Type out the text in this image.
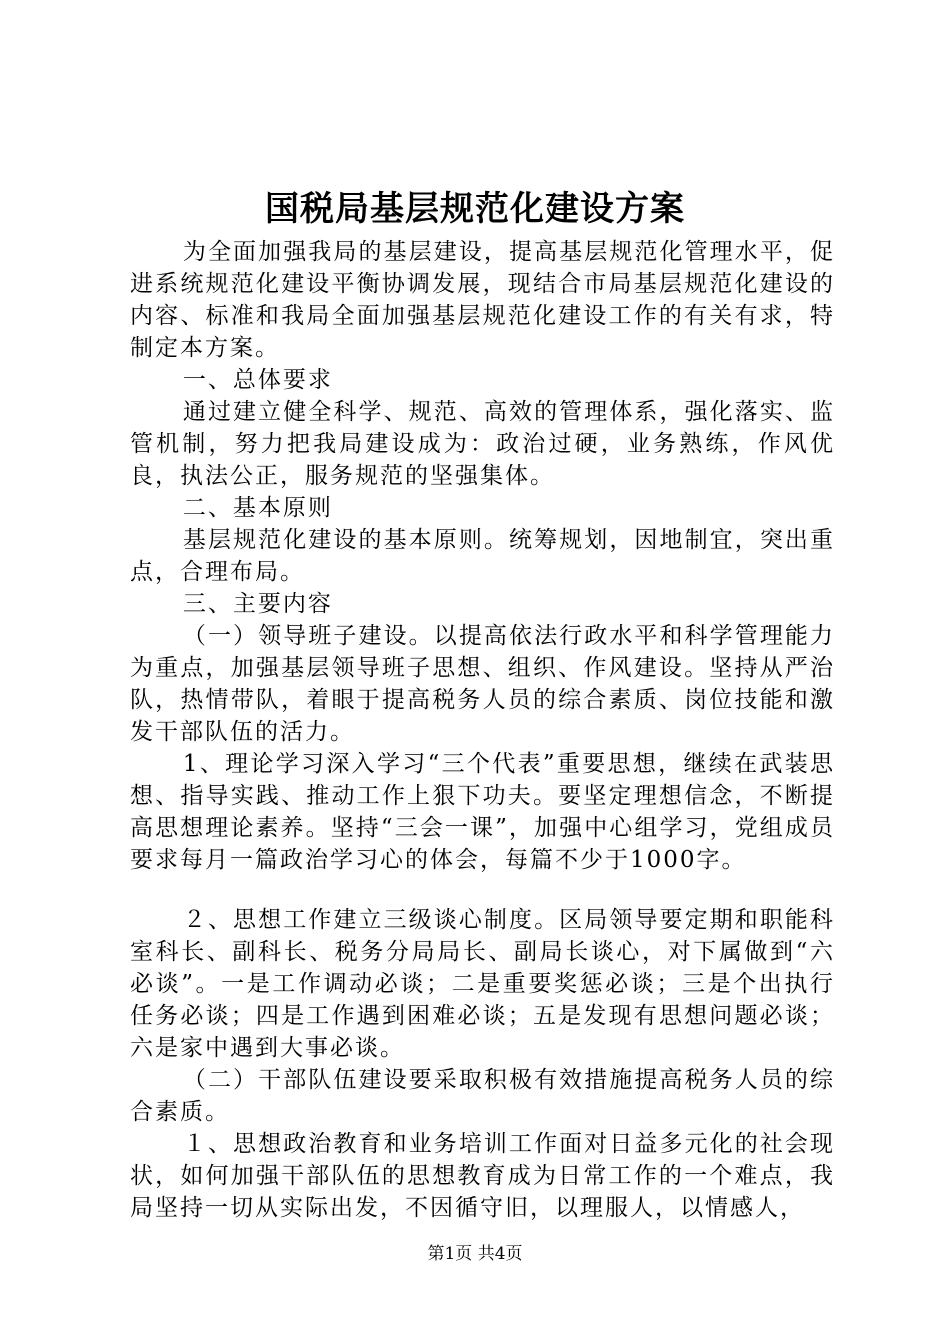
国税局基层规范化建设方案

为全面加强我局的基层建设，提高基层规范化管理水平，促进系统规范化建设平衡协调发展，现结合市局基层规范化建设的内容、标准和我局全面加强基层规范化建设工作的有关有求，特制定本方案。

一、总体要求

通过建立健全科学、规范、高效的管理体系，强化落实、监管机制，努力把我局建设成为：政治过硬，业务熟练，作风优良，执法公正，服务规范的坚强集体。

二、基本原则

基层规范化建设的基本原则。统筹规划，因地制宜，突出重点，合理布局。

三、主要内容

（一）领导班子建设。以提高依法行政水平和科学管理能力为重点，加强基层领导班子思想、组织、作风建设。坚持从严治队，热情带队，着眼于提高税务人员的综合素质、岗位技能和激发干部队伍的活力。

1、理论学习深入学习“三个代表”重要思想，继续在武装思想、指导实践、推动工作上狠下功夫。要坚定理想信念，不断提高思想理论素养。坚持“三会一课”，加强中心组学习，党组成员要求每月一篇政治学习心的体会，每篇不少于1000字。

２、思想工作建立三级谈心制度。区局领导要定期和职能科室科长、副科长、税务分局局长、副局长谈心，对下属做到“六必谈”。一是工作调动必谈；二是重要奖惩必谈；三是个出执行任务必谈；四是工作遇到困难必谈；五是发现有思想问题必谈；六是家中遇到大事必谈。

（二）干部队伍建设要采取积极有效措施提高税务人员的综合素质。

１、思想政治教育和业务培训工作面对日益多元化的社会现状，如何加强干部队伍的思想教育成为日常工作的一个难点，我局坚持一切从实际出发，不因循守旧，以理服人，以情感人，

第1页 共4页
